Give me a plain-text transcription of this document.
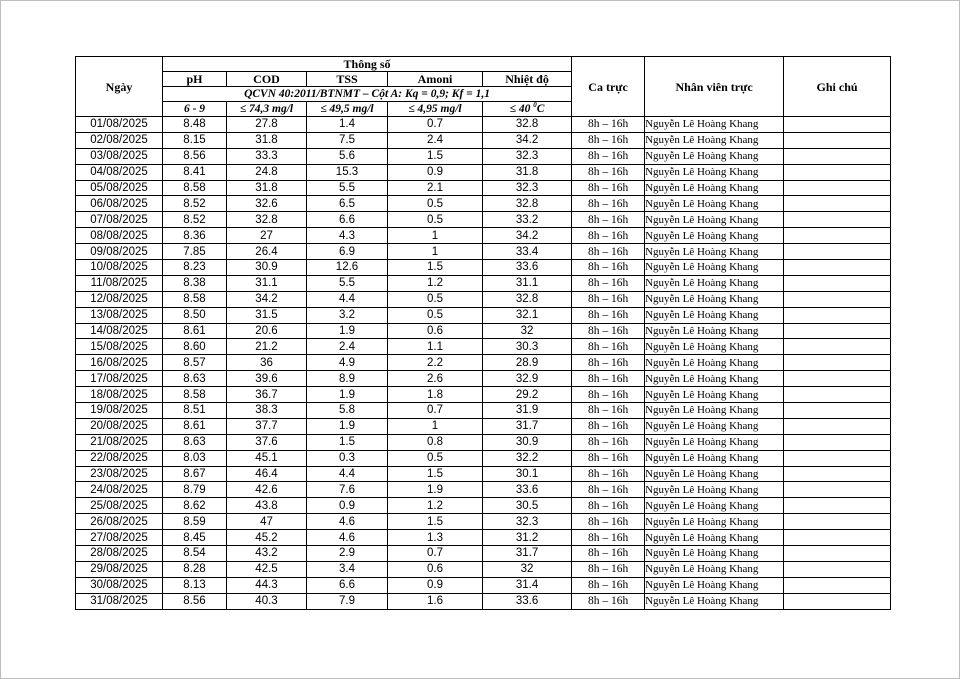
Ngày	Thông số					Ca trực	Nhân viên trực	Ghi chú
	pH	COD	TSS	Amoni	Nhiệt độ			
	QCVN 40:2011/BTNMT – Cột A: Kq = 0,9; Kf = 1,1							
	6 - 9	≤ 74,3 mg/l	≤ 49,5 mg/l	≤ 4,95 mg/l	≤ 40 $^0$C			
01/08/2025	8.48	27.8	1.4	0.7	32.8	8h – 16h	Nguyễn Lê Hoàng Khang	
02/08/2025	8.15	31.8	7.5	2.4	34.2	8h – 16h	Nguyễn Lê Hoàng Khang	
03/08/2025	8.56	33.3	5.6	1.5	32.3	8h – 16h	Nguyễn Lê Hoàng Khang	
04/08/2025	8.41	24.8	15.3	0.9	31.8	8h – 16h	Nguyễn Lê Hoàng Khang	
05/08/2025	8.58	31.8	5.5	2.1	32.3	8h – 16h	Nguyễn Lê Hoàng Khang	
06/08/2025	8.52	32.6	6.5	0.5	32.8	8h – 16h	Nguyễn Lê Hoàng Khang	
07/08/2025	8.52	32.8	6.6	0.5	33.2	8h – 16h	Nguyễn Lê Hoàng Khang	
08/08/2025	8.36	27	4.3	1	34.2	8h – 16h	Nguyễn Lê Hoàng Khang	
09/08/2025	7.85	26.4	6.9	1	33.4	8h – 16h	Nguyễn Lê Hoàng Khang	
10/08/2025	8.23	30.9	12.6	1.5	33.6	8h – 16h	Nguyễn Lê Hoàng Khang	
11/08/2025	8.38	31.1	5.5	1.2	31.1	8h – 16h	Nguyễn Lê Hoàng Khang	
12/08/2025	8.58	34.2	4.4	0.5	32.8	8h – 16h	Nguyễn Lê Hoàng Khang	
13/08/2025	8.50	31.5	3.2	0.5	32.1	8h – 16h	Nguyễn Lê Hoàng Khang	
14/08/2025	8.61	20.6	1.9	0.6	32	8h – 16h	Nguyễn Lê Hoàng Khang	
15/08/2025	8.60	21.2	2.4	1.1	30.3	8h – 16h	Nguyễn Lê Hoàng Khang	
16/08/2025	8.57	36	4.9	2.2	28.9	8h – 16h	Nguyễn Lê Hoàng Khang	
17/08/2025	8.63	39.6	8.9	2.6	32.9	8h – 16h	Nguyễn Lê Hoàng Khang	
18/08/2025	8.58	36.7	1.9	1.8	29.2	8h – 16h	Nguyễn Lê Hoàng Khang	
19/08/2025	8.51	38.3	5.8	0.7	31.9	8h – 16h	Nguyễn Lê Hoàng Khang	
20/08/2025	8.61	37.7	1.9	1	31.7	8h – 16h	Nguyễn Lê Hoàng Khang	
21/08/2025	8.63	37.6	1.5	0.8	30.9	8h – 16h	Nguyễn Lê Hoàng Khang	
22/08/2025	8.03	45.1	0.3	0.5	32.2	8h – 16h	Nguyễn Lê Hoàng Khang	
23/08/2025	8.67	46.4	4.4	1.5	30.1	8h – 16h	Nguyễn Lê Hoàng Khang	
24/08/2025	8.79	42.6	7.6	1.9	33.6	8h – 16h	Nguyễn Lê Hoàng Khang	
25/08/2025	8.62	43.8	0.9	1.2	30.5	8h – 16h	Nguyễn Lê Hoàng Khang	
26/08/2025	8.59	47	4.6	1.5	32.3	8h – 16h	Nguyễn Lê Hoàng Khang	
27/08/2025	8.45	45.2	4.6	1.3	31.2	8h – 16h	Nguyễn Lê Hoàng Khang	
28/08/2025	8.54	43.2	2.9	0.7	31.7	8h – 16h	Nguyễn Lê Hoàng Khang	
29/08/2025	8.28	42.5	3.4	0.6	32	8h – 16h	Nguyễn Lê Hoàng Khang	
30/08/2025	8.13	44.3	6.6	0.9	31.4	8h – 16h	Nguyễn Lê Hoàng Khang	
31/08/2025	8.56	40.3	7.9	1.6	33.6	8h – 16h	Nguyễn Lê Hoàng Khang	
